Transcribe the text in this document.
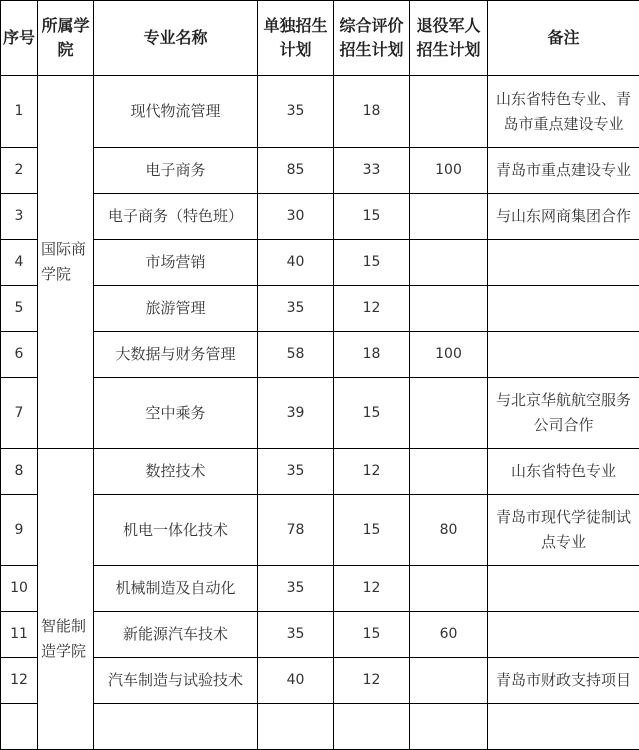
序号	所属学院	专业名称	单独招生计划	综合评价招生计划	退役军人招生计划	备注
1	国际商学院	现代物流管理	35	18		山东省特色专业、青岛市重点建设专业
2		电子商务	85	33	100	青岛市重点建设专业
3		电子商务（特色班）	30	15		与山东网商集团合作
4		市场营销	40	15		
5		旅游管理	35	12		
6		大数据与财务管理	58	18	100	
7		空中乘务	39	15		与北京华航航空服务公司合作
8	智能制造学院	数控技术	35	12		山东省特色专业
9		机电一体化技术	78	15	80	青岛市现代学徒制试点专业
10		机械制造及自动化	35	12		
11		新能源汽车技术	35	15	60	
12		汽车制造与试验技术	40	12		青岛市财政支持项目
